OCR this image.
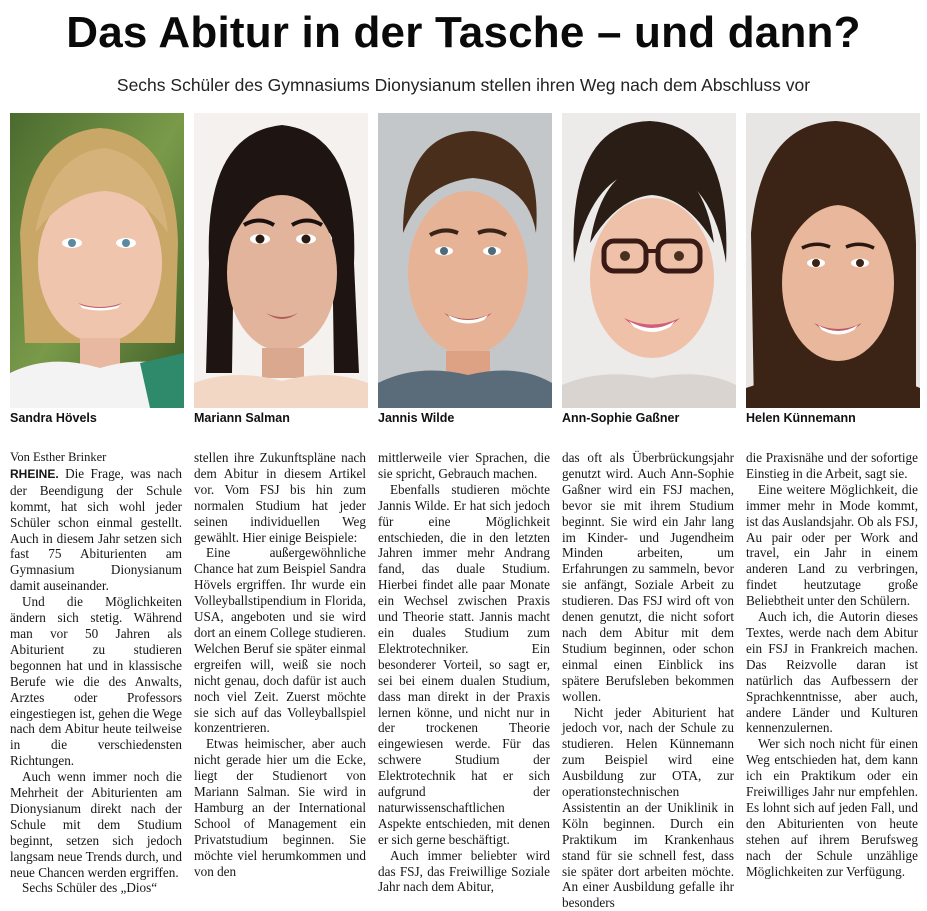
Das Abitur in der Tasche – und dann?
Sechs Schüler des Gymnasiums Dionysianum stellen ihren Weg nach dem Abschluss vor
Sandra Hövels	Mariann Salman	Jannis Wilde	Ann-Sophie Gaßner	Helen Künnemann

Von Esther Brinker

RHEINE. Die Frage, was nach der Beendigung der Schule kommt, hat sich wohl jeder Schüler schon einmal gestellt. Auch in diesem Jahr setzen sich fast 75 Abiturienten am Gymnasium Dionysianum damit auseinander.

Und die Möglichkeiten ändern sich stetig. Während man vor 50 Jahren als Abiturient zu studieren begonnen hat und in klassische Berufe wie die des Anwalts, Arztes oder Professors eingestiegen ist, gehen die Wege nach dem Abitur heute teilweise in die verschiedensten Richtungen.

Auch wenn immer noch die Mehrheit der Abiturienten am Dionysianum direkt nach der Schule mit dem Studium beginnt, setzen sich jedoch langsam neue Trends durch, und neue Chancen werden ergriffen.

Sechs Schüler des „Dios“

stellen ihre Zukunftspläne nach dem Abitur in diesem Artikel vor. Vom FSJ bis hin zum normalen Studium hat jeder seinen individuellen Weg gewählt. Hier einige Beispiele:

Eine außergewöhnliche Chance hat zum Beispiel Sandra Hövels ergriffen. Ihr wurde ein Volleyballstipendium in Florida, USA, angeboten und sie wird dort an einem College studieren. Welchen Beruf sie später einmal ergreifen will, weiß sie noch nicht genau, doch dafür ist auch noch viel Zeit. Zuerst möchte sie sich auf das Volleyballspiel konzentrieren.

Etwas heimischer, aber auch nicht gerade hier um die Ecke, liegt der Studienort von Mariann Salman. Sie wird in Hamburg an der International School of Management ein Privatstudium beginnen. Sie möchte viel herumkommen und von den

mittlerweile vier Sprachen, die sie spricht, Gebrauch machen.

Ebenfalls studieren möchte Jannis Wilde. Er hat sich jedoch für eine Möglichkeit entschieden, die in den letzten Jahren immer mehr Andrang fand, das duale Studium. Hierbei findet alle paar Monate ein Wechsel zwischen Praxis und Theorie statt. Jannis macht ein duales Studium zum Elektrotechniker. Ein besonderer Vorteil, so sagt er, sei bei einem dualen Studium, dass man direkt in der Praxis lernen könne, und nicht nur in der trockenen Theorie eingewiesen werde. Für das schwere Studium der Elektrotechnik hat er sich aufgrund der naturwissenschaftlichen Aspekte entschieden, mit denen er sich gerne beschäftigt.

Auch immer beliebter wird das FSJ, das Freiwillige Soziale Jahr nach dem Abitur,

das oft als Überbrückungsjahr genutzt wird. Auch Ann-Sophie Gaßner wird ein FSJ machen, bevor sie mit ihrem Studium beginnt. Sie wird ein Jahr lang im Kinder- und Jugendheim Minden arbeiten, um Erfahrungen zu sammeln, bevor sie anfängt, Soziale Arbeit zu studieren. Das FSJ wird oft von denen genutzt, die nicht sofort nach dem Abitur mit dem Studium beginnen, oder schon einmal einen Einblick ins spätere Berufsleben bekommen wollen.

Nicht jeder Abiturient hat jedoch vor, nach der Schule zu studieren. Helen Künnemann zum Beispiel wird eine Ausbildung zur OTA, zur operationstechnischen Assistentin an der Uniklinik in Köln beginnen. Durch ein Praktikum im Krankenhaus stand für sie schnell fest, dass sie später dort arbeiten möchte. An einer Ausbildung gefalle ihr besonders

die Praxisnähe und der sofortige Einstieg in die Arbeit, sagt sie.

Eine weitere Möglichkeit, die immer mehr in Mode kommt, ist das Auslandsjahr. Ob als FSJ, Au pair oder per Work and travel, ein Jahr in einem anderen Land zu verbringen, findet heutzutage große Beliebtheit unter den Schülern.

Auch ich, die Autorin dieses Textes, werde nach dem Abitur ein FSJ in Frankreich machen. Das Reizvolle daran ist natürlich das Aufbessern der Sprachkenntnisse, aber auch, andere Länder und Kulturen kennenzulernen.

Wer sich noch nicht für einen Weg entschieden hat, dem kann ich ein Praktikum oder ein Freiwilliges Jahr nur empfehlen. Es lohnt sich auf jeden Fall, und den Abiturienten von heute stehen auf ihrem Berufsweg nach der Schule unzählige Möglichkeiten zur Verfügung.
